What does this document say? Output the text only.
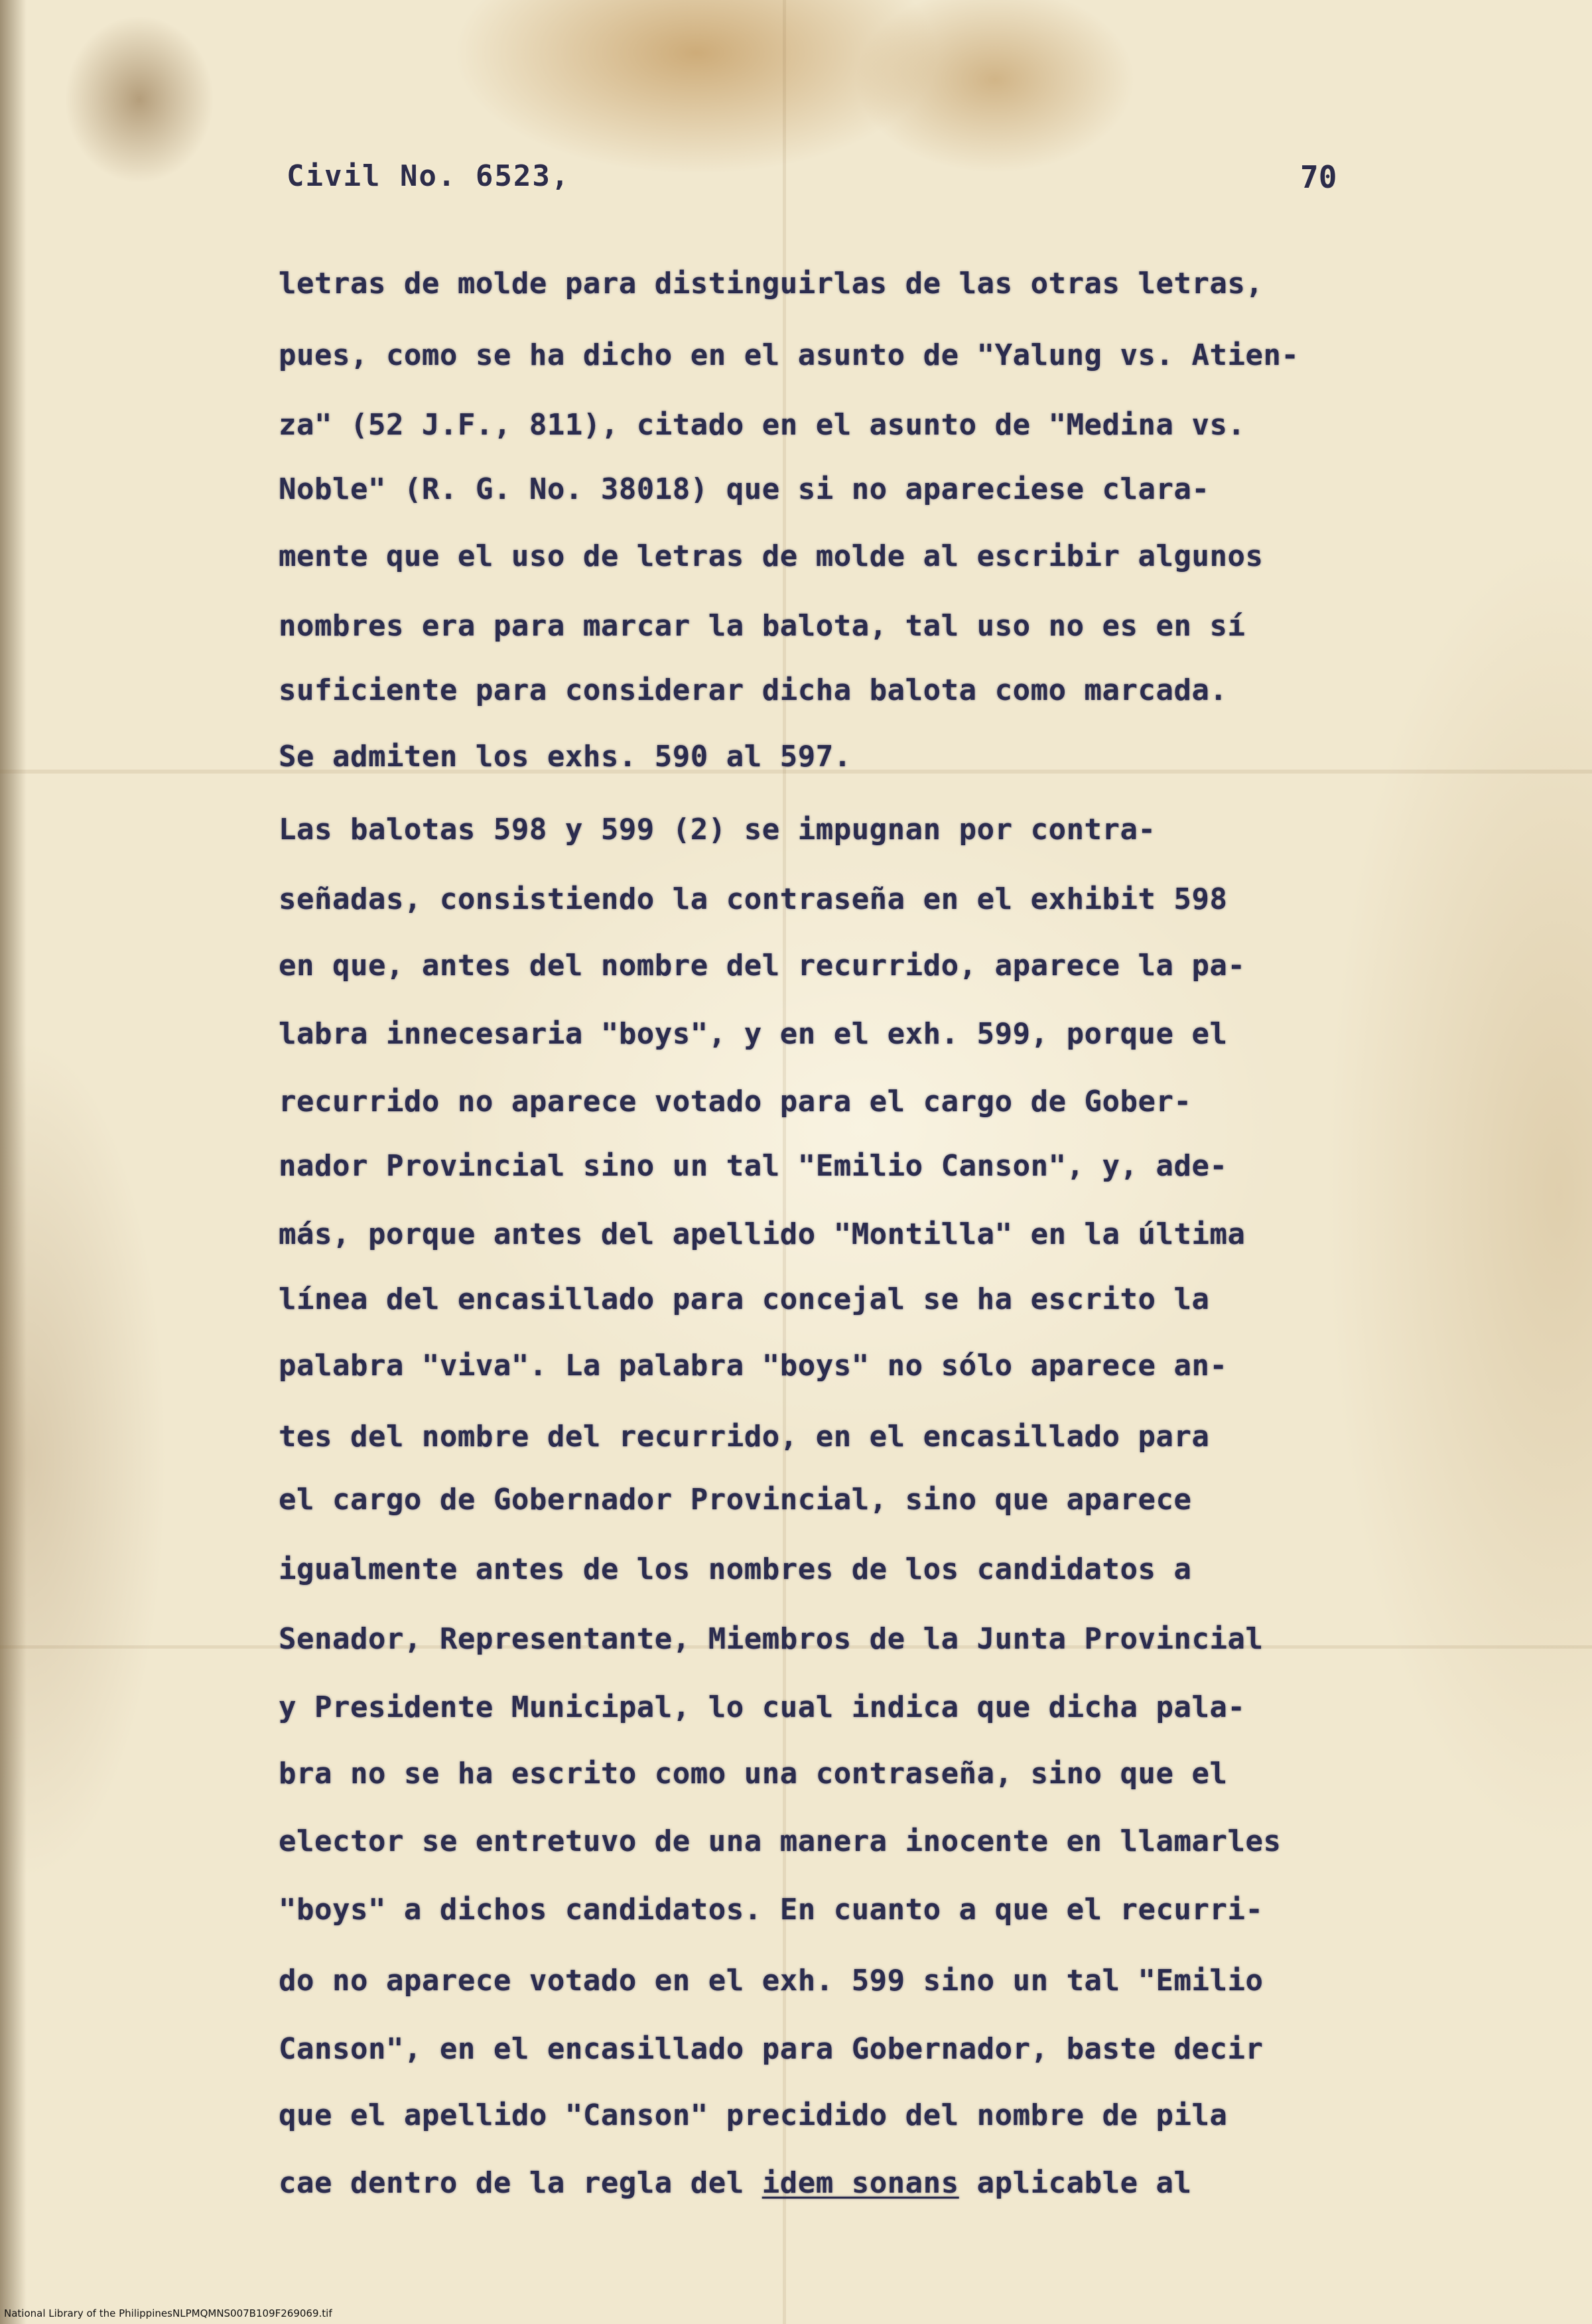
Civil No. 6523,	70
letras de molde para distinguirlas de las otras letras,
pues, como se ha dicho en el asunto de "Yalung vs. Atien-
za" (52 J.F., 811), citado en el asunto de "Medina vs.
Noble" (R. G. No. 38018) que si no apareciese clara-
mente que el uso de letras de molde al escribir algunos
nombres era para marcar la balota, tal uso no es en sí
suficiente para considerar dicha balota como marcada.
Se admiten los exhs. 590 al 597.
Las balotas 598 y 599 (2) se impugnan por contra-
señadas, consistiendo la contraseña en el exhibit 598
en que, antes del nombre del recurrido, aparece la pa-
labra innecesaria "boys", y en el exh. 599, porque el
recurrido no aparece votado para el cargo de Gober-
nador Provincial sino un tal "Emilio Canson", y, ade-
más, porque antes del apellido "Montilla" en la última
línea del encasillado para concejal se ha escrito la
palabra "viva". La palabra "boys" no sólo aparece an-
tes del nombre del recurrido, en el encasillado para
el cargo de Gobernador Provincial, sino que aparece
igualmente antes de los nombres de los candidatos a
Senador, Representante, Miembros de la Junta Provincial
y Presidente Municipal, lo cual indica que dicha pala-
bra no se ha escrito como una contraseña, sino que el
elector se entretuvo de una manera inocente en llamarles
"boys" a dichos candidatos. En cuanto a que el recurri-
do no aparece votado en el exh. 599 sino un tal "Emilio
Canson", en el encasillado para Gobernador, baste decir
que el apellido "Canson" precidido del nombre de pila
cae dentro de la regla del idem sonans aplicable al
National Library of the Philippines NLPMQMNS007B109F269069.tif
